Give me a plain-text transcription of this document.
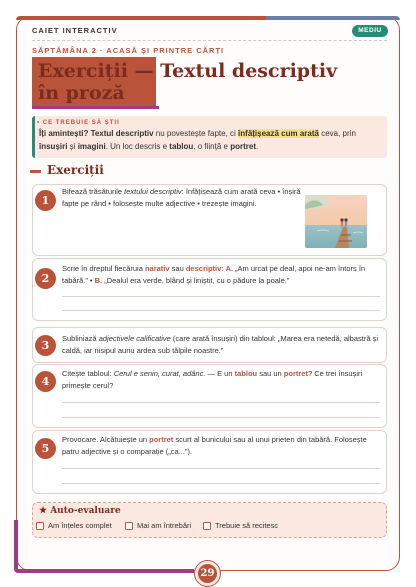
CAIET INTERACTIV	MEDIU
SĂPTĂMÂNA 2 · ACASĂ ȘI PRINTRE CĂRȚI
Exerciții — Textul descriptiv în proză
• CE TREBUIE SĂ ȘTII
Îți amintești? Textul descriptiv nu povestește fapte, ci înfățișează cum arată ceva, prin însușiri și imagini. Un loc descris e tablou, o ființă e portret.
Exerciții
1
Bifează trăsăturile textului descriptiv: înfățișează cum arată ceva • înșiră fapte pe rând • folosește multe adjective • trezește imagini.
2
Scrie în dreptul fiecăruia narativ sau descriptiv: A. „Am urcat pe deal, apoi ne-am întors în tabără.” • B. „Dealul era verde, blând și liniștit, cu o pădure la poale.”
3
Subliniază adjectivele calificative (care arată însușiri) din tabloul: „Marea era netedă, albastră și caldă, iar nisipul auriu ardea sub tălpile noastre.”
4
Citește tabloul: Cerul e senin, curat, adânc. — E un tablou sau un portret? Ce trei însușiri primește cerul?
5
Provocare. Alcătuiește un portret scurt al bunicului sau al unui prieten din tabără. Folosește patru adjective și o comparație („ca...”).
★ Auto-evaluare
Am înțeles complet	Mai am întrebări	Trebuie să recitesc
29
